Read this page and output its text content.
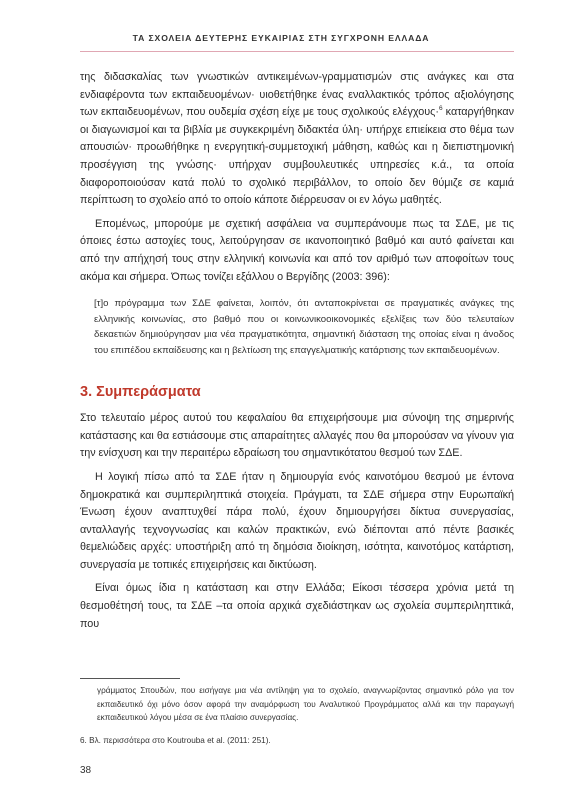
ΤΑ ΣΧΟΛΕΙΑ ΔΕΥΤΕΡΗΣ ΕΥΚΑΙΡΙΑΣ ΣΤΗ ΣΥΓΧΡΟΝΗ ΕΛΛΑΔΑ

της διδασκαλίας των γνωστικών αντικειμένων-γραμματισμών στις ανάγκες και στα ενδιαφέροντα των εκπαιδευομένων· υιοθετήθηκε ένας εναλλακτικός τρόπος αξιολόγησης των εκπαιδευομένων, που ουδεμία σχέση είχε με τους σχολικούς ελέγχους·$^6$ καταργήθηκαν οι διαγωνισμοί και τα βιβλία με συγκεκριμένη διδακτέα ύλη· υπήρχε επιείκεια στο θέμα των απουσιών· προωθήθηκε η ενεργητική-συμμετοχική μάθηση, καθώς και η διεπιστημονική προσέγγιση της γνώσης· υπήρχαν συμβουλευτικές υπηρεσίες κ.ά., τα οποία διαφοροποιούσαν κατά πολύ το σχολικό περιβάλλον, το οποίο δεν θύμιζε σε καμιά περίπτωση το σχολείο από το οποίο κάποτε διέρρευσαν οι εν λόγω μαθητές.

Επομένως, μπορούμε με σχετική ασφάλεια να συμπεράνουμε πως τα ΣΔΕ, με τις όποιες έστω αστοχίες τους, λειτούργησαν σε ικανοποιητικό βαθμό και αυτό φαίνεται και από την απήχησή τους στην ελληνική κοινωνία και από τον αριθμό των αποφοίτων τους ακόμα και σήμερα. Όπως τονίζει εξάλλου ο Βεργίδης (2003: 396):

[τ]ο πρόγραμμα των ΣΔΕ φαίνεται, λοιπόν, ότι ανταποκρίνεται σε πραγματικές ανάγκες της ελληνικής κοινωνίας, στο βαθμό που οι κοινωνικοοικονομικές εξελίξεις των δύο τελευταίων δεκαετιών δημιούργησαν μια νέα πραγματικότητα, σημαντική διάσταση της οποίας είναι η άνοδος του επιπέδου εκπαίδευσης και η βελτίωση της επαγγελματικής κατάρτισης των εκπαιδευομένων.

3. Συμπεράσματα

Στο τελευταίο μέρος αυτού του κεφαλαίου θα επιχειρήσουμε μια σύνοψη της σημερινής κατάστασης και θα εστιάσουμε στις απαραίτητες αλλαγές που θα μπορούσαν να γίνουν για την ενίσχυση και την περαιτέρω εδραίωση του σημαντικότατου θεσμού των ΣΔΕ.

Η λογική πίσω από τα ΣΔΕ ήταν η δημιουργία ενός καινοτόμου θεσμού με έντονα δημοκρατικά και συμπεριληπτικά στοιχεία. Πράγματι, τα ΣΔΕ σήμερα στην Ευρωπαϊκή Ένωση έχουν αναπτυχθεί πάρα πολύ, έχουν δημιουργήσει δίκτυα συνεργασίας, ανταλλαγής τεχνογνωσίας και καλών πρακτικών, ενώ διέπονται από πέντε βασικές θεμελιώδεις αρχές: υποστήριξη από τη δημόσια διοίκηση, ισότητα, καινοτόμος κατάρτιση, συνεργασία με τοπικές επιχειρήσεις και δικτύωση.

Είναι όμως ίδια η κατάσταση και στην Ελλάδα; Είκοσι τέσσερα χρόνια μετά τη θεσμοθέτησή τους, τα ΣΔΕ –τα οποία αρχικά σχεδιάστηκαν ως σχολεία συμπεριληπτικά, που

γράμματος Σπουδών, που εισήγαγε μια νέα αντίληψη για το σχολείο, αναγνωρίζοντας σημαντικό ρόλο για τον εκπαιδευτικό όχι μόνο όσον αφορά την αναμόρφωση του Αναλυτικού Προγράμματος αλλά και την παραγωγή εκπαιδευτικού λόγου μέσα σε ένα πλαίσιο συνεργασίας.
6. Βλ. περισσότερα στο Koutrouba et al. (2011: 251).
38
